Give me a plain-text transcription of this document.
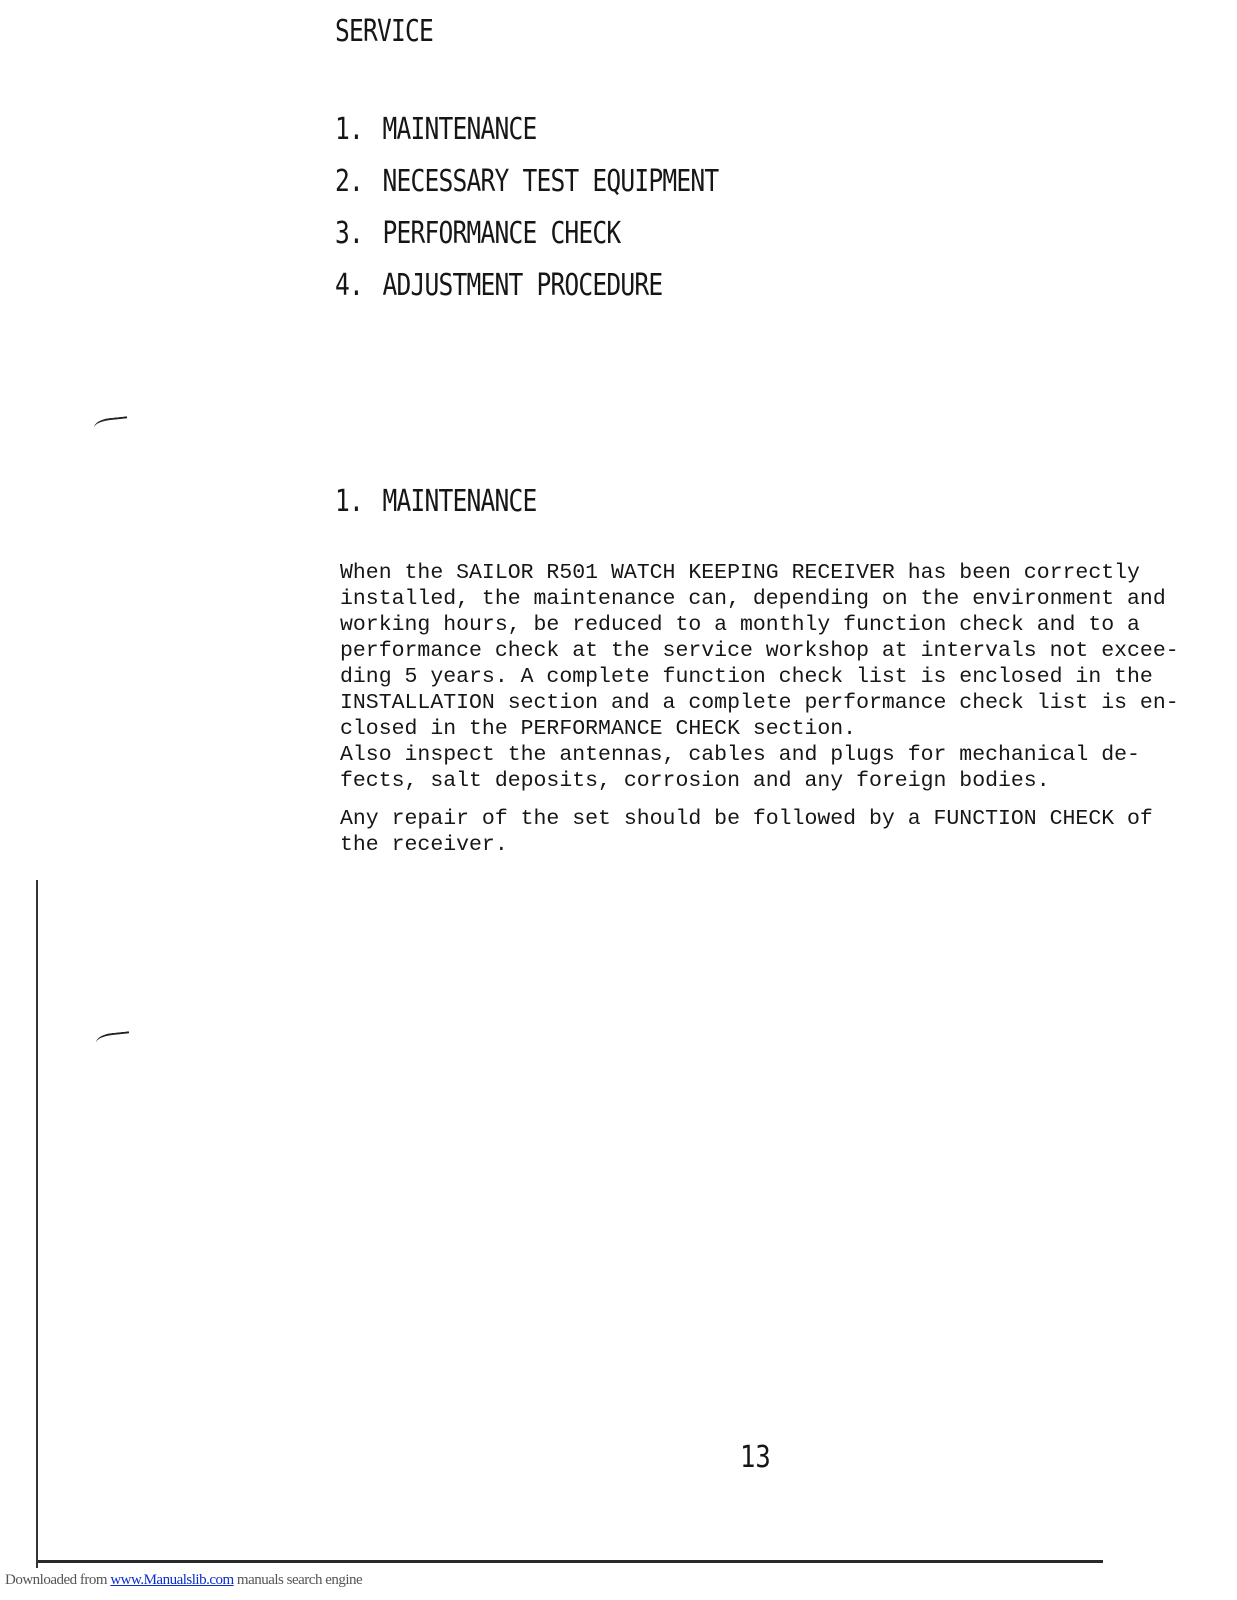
SERVICE
1. MAINTENANCE
2. NECESSARY TEST EQUIPMENT
3. PERFORMANCE CHECK
4. ADJUSTMENT PROCEDURE
1. MAINTENANCE

When the SAILOR R501 WATCH KEEPING RECEIVER has been correctly
installed, the maintenance can, depending on the environment and
working hours, be reduced to a monthly function check and to a
performance check at the service workshop at intervals not excee-
ding 5 years. A complete function check list is enclosed in the
INSTALLATION section and a complete performance check list is en-
closed in the PERFORMANCE CHECK section.
Also inspect the antennas, cables and plugs for mechanical de-
fects, salt deposits, corrosion and any foreign bodies.

Any repair of the set should be followed by a FUNCTION CHECK of
the receiver.

13
Downloaded from www.Manualslib.com manuals search engine
